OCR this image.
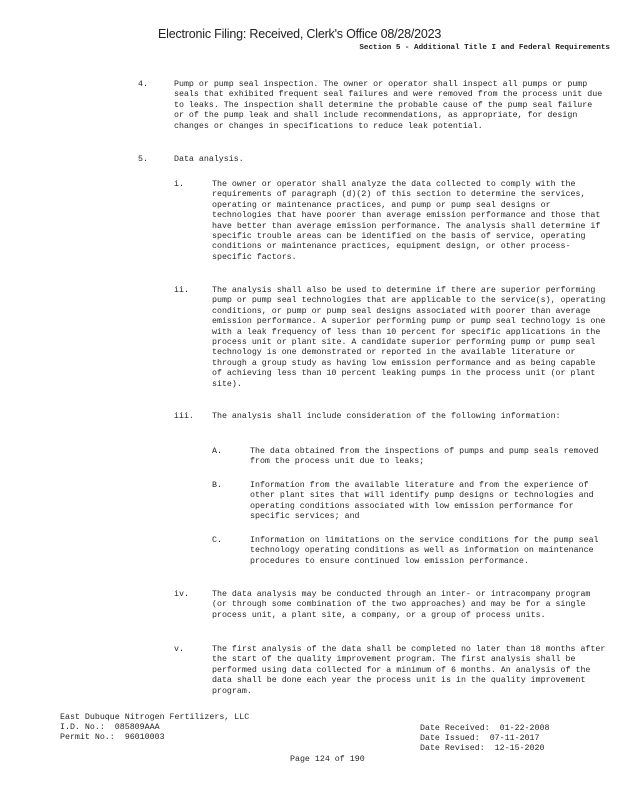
Electronic Filing: Received, Clerk's Office 08/28/2023
Section 5 - Additional Title I and Federal Requirements
4.	Pump or pump seal inspection. The owner or operator shall inspect all pumps or pump seals that exhibited frequent seal failures and were removed from the process unit due to leaks. The inspection shall determine the probable cause of the pump seal failure or of the pump leak and shall include recommendations, as appropriate, for design changes or changes in specifications to reduce leak potential.
5.	Data analysis.
i.	The owner or operator shall analyze the data collected to comply with the requirements of paragraph (d)(2) of this section to determine the services, operating or maintenance practices, and pump or pump seal designs or technologies that have poorer than average emission performance and those that have better than average emission performance. The analysis shall determine if specific trouble areas can be identified on the basis of service, operating conditions or maintenance practices, equipment design, or other process-specific factors.
ii.	The analysis shall also be used to determine if there are superior performing pump or pump seal technologies that are applicable to the service(s), operating conditions, or pump or pump seal designs associated with poorer than average emission performance. A superior performing pump or pump seal technology is one with a leak frequency of less than 10 percent for specific applications in the process unit or plant site. A candidate superior performing pump or pump seal technology is one demonstrated or reported in the available literature or through a group study as having low emission performance and as being capable of achieving less than 10 percent leaking pumps in the process unit (or plant site).
iii. The analysis shall include consideration of the following information:
A.	The data obtained from the inspections of pumps and pump seals removed from the process unit due to leaks;
B.	Information from the available literature and from the experience of other plant sites that will identify pump designs or technologies and operating conditions associated with low emission performance for specific services; and
C.	Information on limitations on the service conditions for the pump seal technology operating conditions as well as information on maintenance procedures to ensure continued low emission performance.
iv.	The data analysis may be conducted through an inter- or intracompany program (or through some combination of the two approaches) and may be for a single process unit, a plant site, a company, or a group of process units.
v.	The first analysis of the data shall be completed no later than 18 months after the start of the quality improvement program. The first analysis shall be performed using data collected for a minimum of 6 months. An analysis of the data shall be done each year the process unit is in the quality improvement program.
East Dubuque Nitrogen Fertilizers, LLC
I.D. No.:  085809AAA
Permit No.:  96010003
Date Received:  01-22-2008
Date Issued:  07-11-2017
Date Revised:  12-15-2020
Page 124 of 190
